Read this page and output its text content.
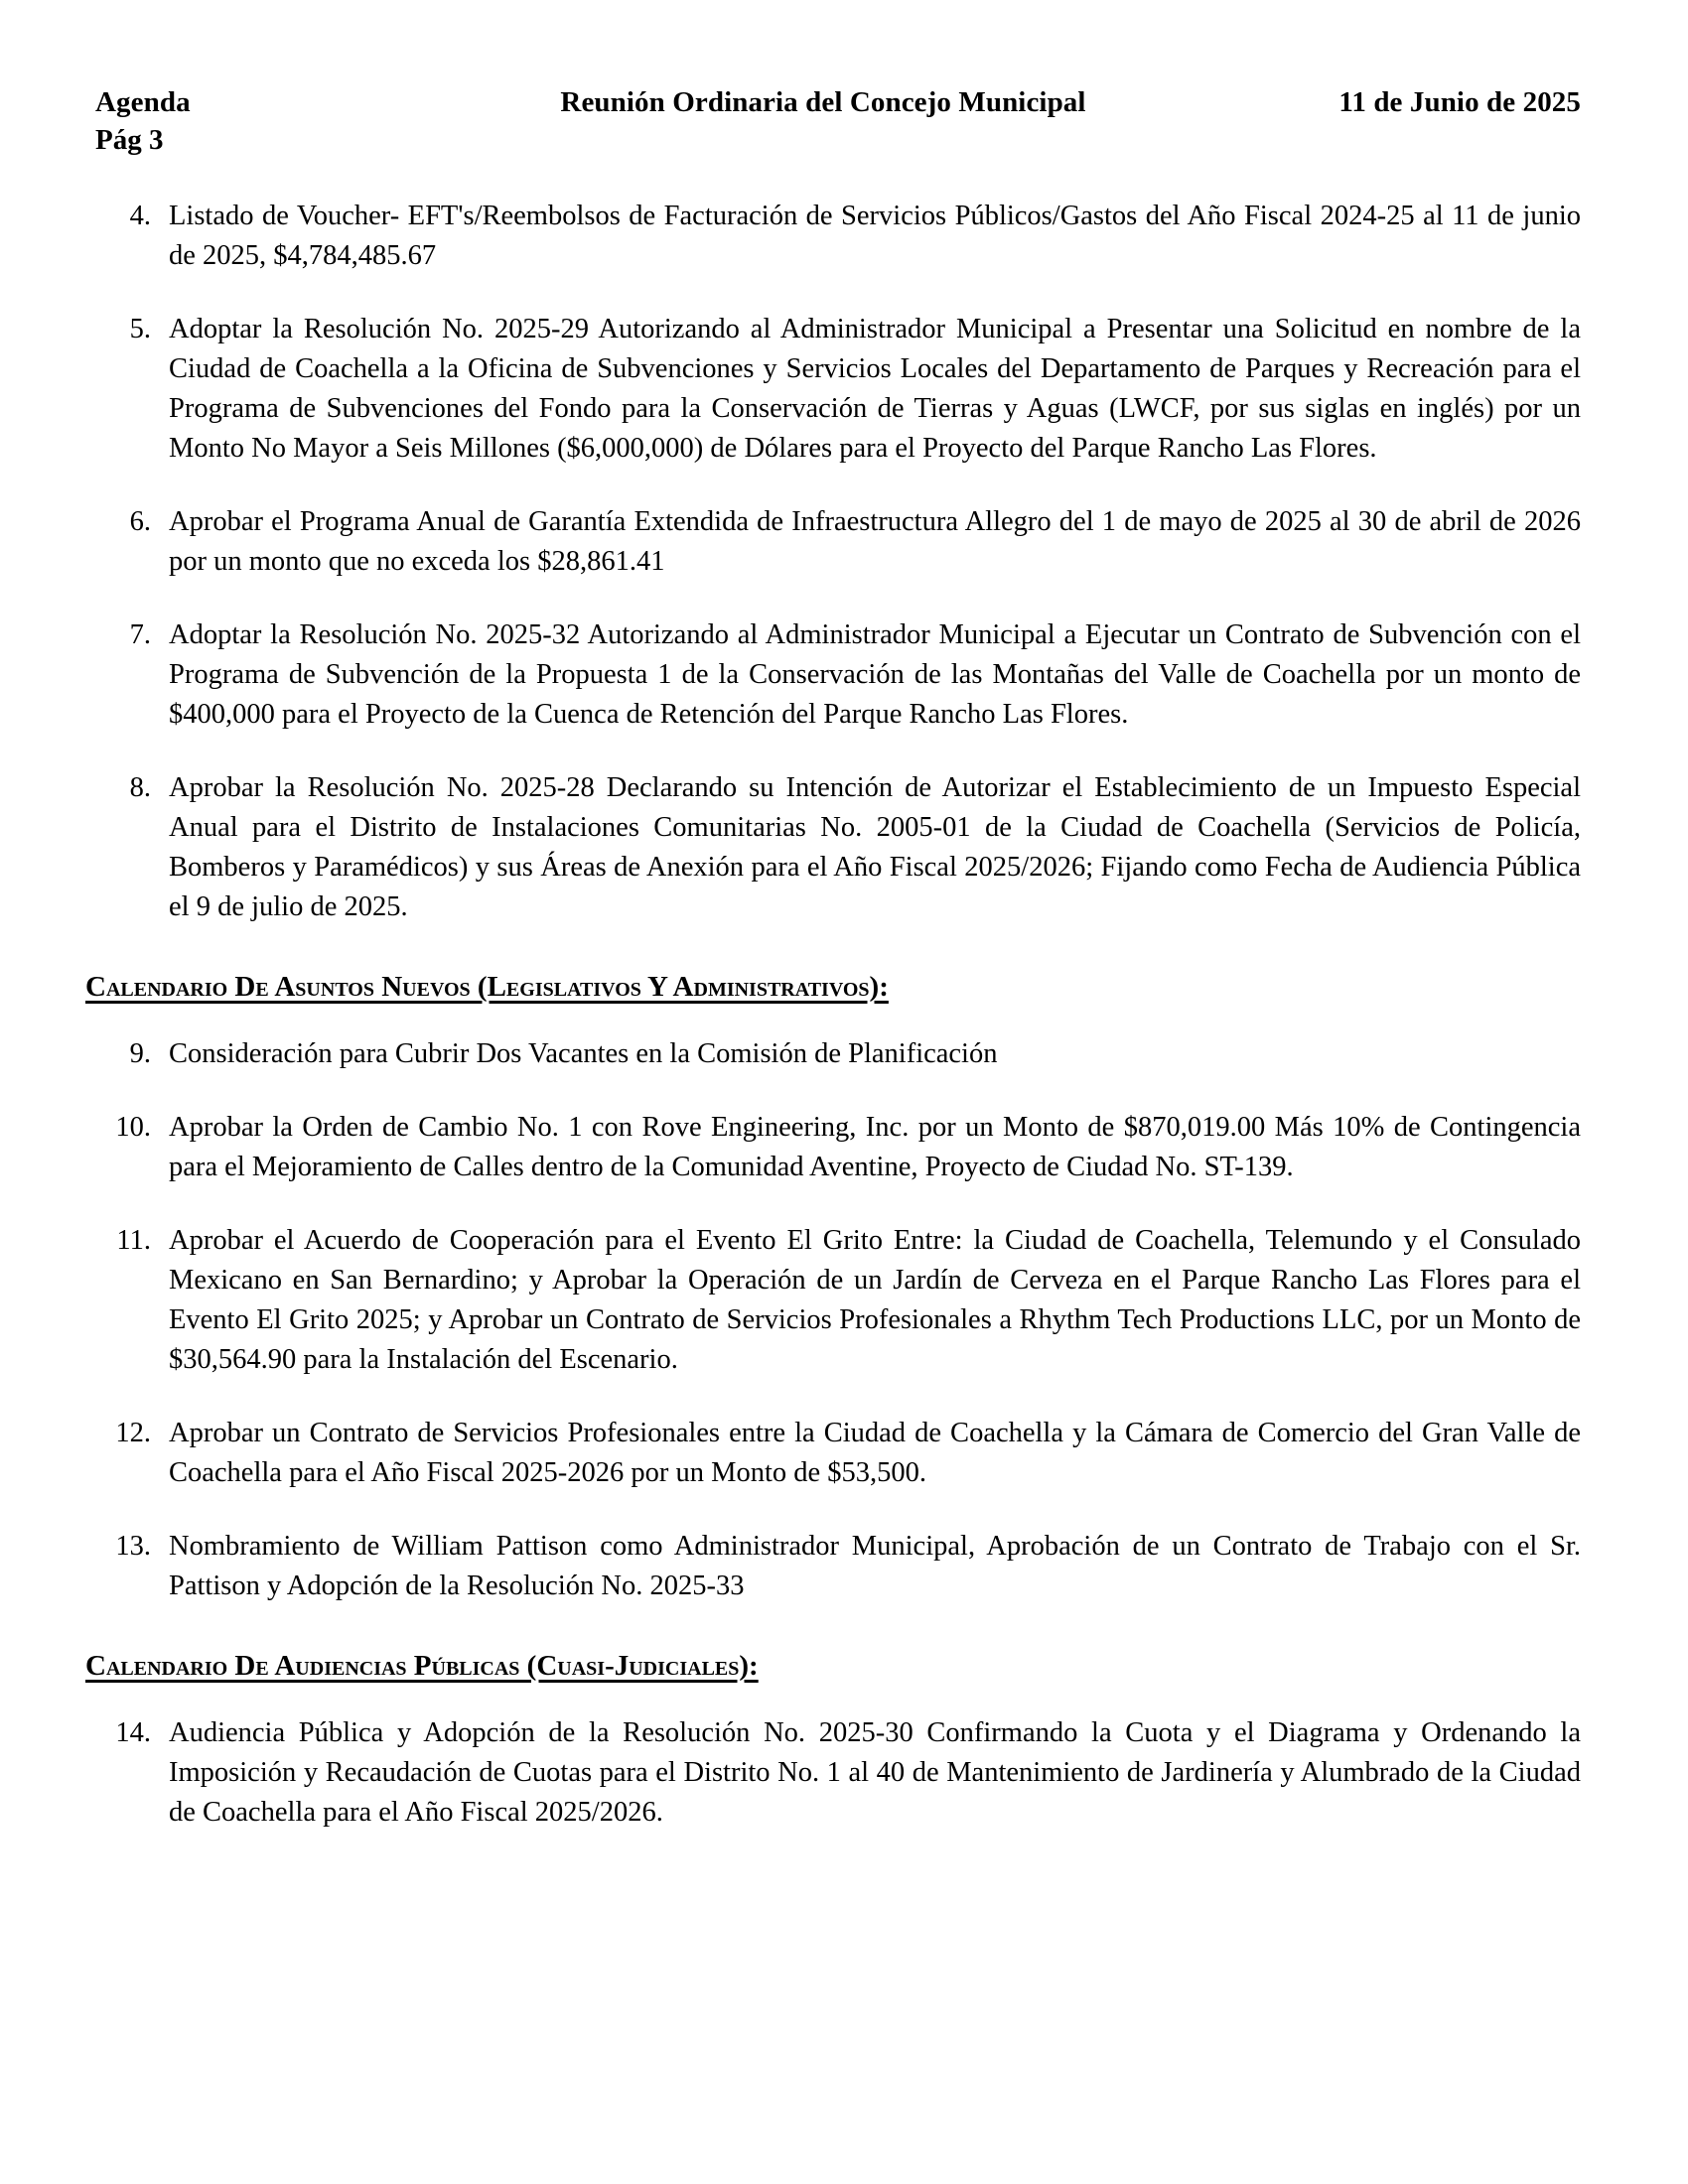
Agenda	Reunión Ordinaria del Concejo Municipal	11 de Junio de 2025
Pág 3
4. Listado de Voucher- EFT's/Reembolsos de Facturación de Servicios Públicos/Gastos del Año Fiscal 2024-25 al 11 de junio de 2025, $4,784,485.67
5. Adoptar la Resolución No. 2025-29 Autorizando al Administrador Municipal a Presentar una Solicitud en nombre de la Ciudad de Coachella a la Oficina de Subvenciones y Servicios Locales del Departamento de Parques y Recreación para el Programa de Subvenciones del Fondo para la Conservación de Tierras y Aguas (LWCF, por sus siglas en inglés) por un Monto No Mayor a Seis Millones ($6,000,000) de Dólares para el Proyecto del Parque Rancho Las Flores.
6. Aprobar el Programa Anual de Garantía Extendida de Infraestructura Allegro del 1 de mayo de 2025 al 30 de abril de 2026 por un monto que no exceda los $28,861.41
7. Adoptar la Resolución No. 2025-32 Autorizando al Administrador Municipal a Ejecutar un Contrato de Subvención con el Programa de Subvención de la Propuesta 1 de la Conservación de las Montañas del Valle de Coachella por un monto de $400,000 para el Proyecto de la Cuenca de Retención del Parque Rancho Las Flores.
8. Aprobar la Resolución No. 2025-28 Declarando su Intención de Autorizar el Establecimiento de un Impuesto Especial Anual para el Distrito de Instalaciones Comunitarias No. 2005-01 de la Ciudad de Coachella (Servicios de Policía, Bomberos y Paramédicos) y sus Áreas de Anexión para el Año Fiscal 2025/2026; Fijando como Fecha de Audiencia Pública el 9 de julio de 2025.
Calendario De Asuntos Nuevos (Legislativos Y Administrativos):
9. Consideración para Cubrir Dos Vacantes en la Comisión de Planificación
10. Aprobar la Orden de Cambio No. 1 con Rove Engineering, Inc. por un Monto de $870,019.00 Más 10% de Contingencia para el Mejoramiento de Calles dentro de la Comunidad Aventine, Proyecto de Ciudad No. ST-139.
11. Aprobar el Acuerdo de Cooperación para el Evento El Grito Entre: la Ciudad de Coachella, Telemundo y el Consulado Mexicano en San Bernardino; y Aprobar la Operación de un Jardín de Cerveza en el Parque Rancho Las Flores para el Evento El Grito 2025; y Aprobar un Contrato de Servicios Profesionales a Rhythm Tech Productions LLC, por un Monto de $30,564.90 para la Instalación del Escenario.
12. Aprobar un Contrato de Servicios Profesionales entre la Ciudad de Coachella y la Cámara de Comercio del Gran Valle de Coachella para el Año Fiscal 2025-2026 por un Monto de $53,500.
13. Nombramiento de William Pattison como Administrador Municipal, Aprobación de un Contrato de Trabajo con el Sr. Pattison y Adopción de la Resolución No. 2025-33
Calendario De Audiencias Públicas (Cuasi-Judiciales):
14. Audiencia Pública y Adopción de la Resolución No. 2025-30 Confirmando la Cuota y el Diagrama y Ordenando la Imposición y Recaudación de Cuotas para el Distrito No. 1 al 40 de Mantenimiento de Jardinería y Alumbrado de la Ciudad de Coachella para el Año Fiscal 2025/2026.
